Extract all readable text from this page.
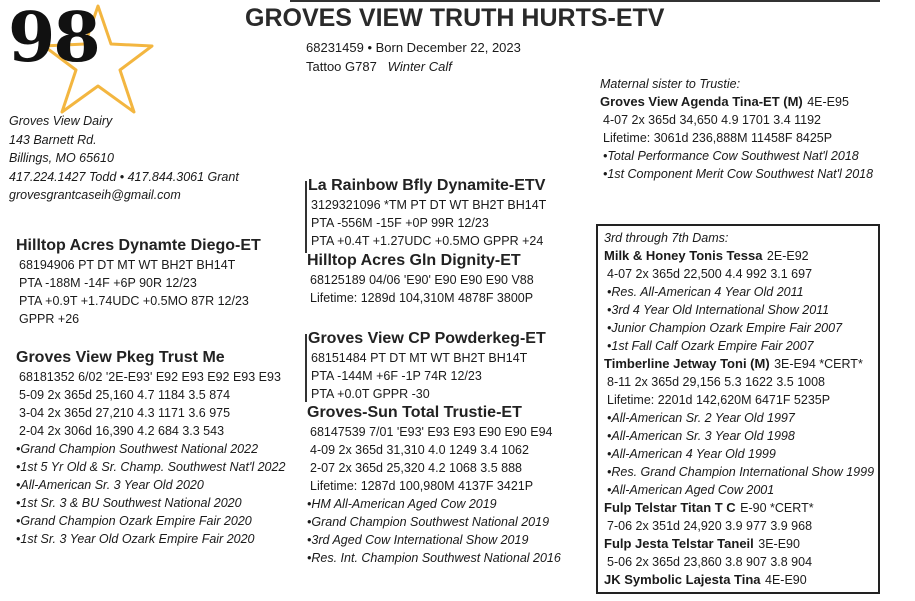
98	GROVES VIEW TRUTH HURTS-ETV
68231459 • Born December 22, 2023
Tattoo G787 Winter Calf
Groves View Dairy
143 Barnett Rd.
Billings, MO 65610
417.224.1427 Todd • 417.844.3061 Grant
grovesgrantcaseih@gmail.com
La Rainbow Bfly Dynamite-ETV
3129321096 *TM PT DT WT BH2T BH14T
PTA -556M -15F +0P 99R 12/23
PTA +0.4T +1.27UDC +0.5MO GPPR +24
Hilltop Acres Dynamte Diego-ET
68194906 PT DT MT WT BH2T BH14T
PTA -188M -14F +6P 90R 12/23
PTA +0.9T +1.74UDC +0.5MO 87R 12/23
GPPR +26
Hilltop Acres Gln Dignity-ET
68125189 04/06 'E90' E90 E90 E90 V88
Lifetime: 1289d 104,310M 4878F 3800P
Groves View Pkeg Trust Me
68181352 6/02 '2E-E93' E92 E93 E92 E93 E93
5-09 2x 365d 25,160 4.7 1184 3.5 874
3-04 2x 365d 27,210 4.3 1171 3.6 975
2-04 2x 306d 16,390 4.2 684 3.3 543
•Grand Champion Southwest National 2022
•1st 5 Yr Old & Sr. Champ. Southwest Nat'l 2022
•All-American Sr. 3 Year Old 2020
•1st Sr. 3 & BU Southwest National 2020
•Grand Champion Ozark Empire Fair 2020
•1st Sr. 3 Year Old Ozark Empire Fair 2020
Groves View CP Powderkeg-ET
68151484 PT DT MT WT BH2T BH14T
PTA -144M +6F -1P 74R 12/23
PTA +0.0T GPPR -30
Groves-Sun Total Trustie-ET
68147539 7/01 'E93' E93 E93 E90 E90 E94
4-09 2x 365d 31,310 4.0 1249 3.4 1062
2-07 2x 365d 25,320 4.2 1068 3.5 888
Lifetime: 1287d 100,980M 4137F 3421P
•HM All-American Aged Cow 2019
•Grand Champion Southwest National 2019
•3rd Aged Cow International Show 2019
•Res. Int. Champion Southwest National 2016
Maternal sister to Trustie:
Groves View Agenda Tina-ET (M) 4E-E95
4-07 2x 365d 34,650 4.9 1701 3.4 1192
Lifetime: 3061d 236,888M 11458F 8425P
•Total Performance Cow Southwest Nat'l 2018
•1st Component Merit Cow Southwest Nat'l 2018
3rd through 7th Dams:
Milk & Honey Tonis Tessa 2E-E92
4-07 2x 365d 22,500 4.4 992 3.1 697
•Res. All-American 4 Year Old 2011
•3rd 4 Year Old International Show 2011
•Junior Champion Ozark Empire Fair 2007
•1st Fall Calf Ozark Empire Fair 2007
Timberline Jetway Toni (M) 3E-E94 *CERT*
8-11 2x 365d 29,156 5.3 1622 3.5 1008
Lifetime: 2201d 142,620M 6471F 5235P
•All-American Sr. 2 Year Old 1997
•All-American Sr. 3 Year Old 1998
•All-American 4 Year Old 1999
•Res. Grand Champion International Show 1999
•All-American Aged Cow 2001
Fulp Telstar Titan T C E-90 *CERT*
7-06 2x 351d 24,920 3.9 977 3.9 968
Fulp Jesta Telstar Taneil 3E-E90
5-06 2x 365d 23,860 3.8 907 3.8 904
JK Symbolic Lajesta Tina 4E-E90
